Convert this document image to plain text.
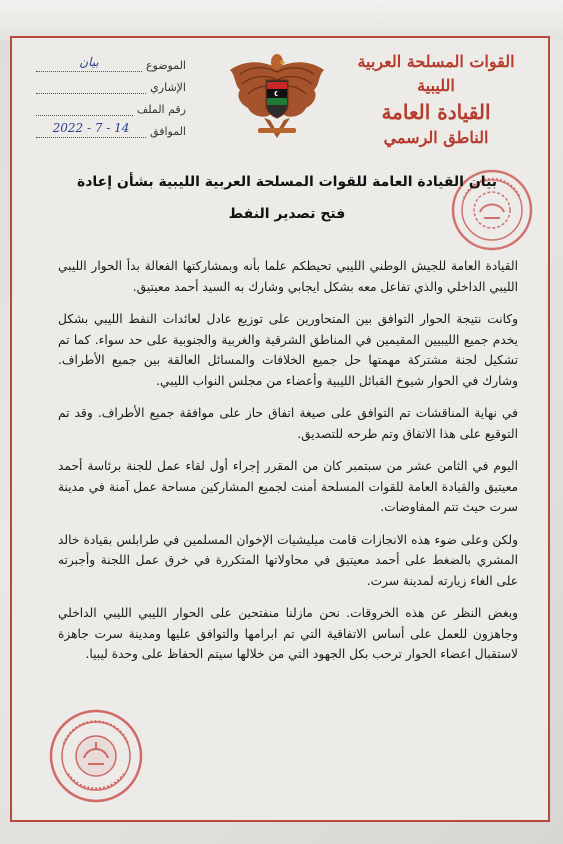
القوات المسلحة العربية الليبية
القيادة العامة
الناطق الرسمي
الموضوع
بيان
الإشاري
رقم الملف
الموافق
2022 - 7 - 14
بيان القيادة العامة للقوات المسلحة العربية الليبية بشأن إعادة
فتح تصدير النفط

القيادة العامة للجيش الوطني الليبي تحيطكم علما بأنه وبمشاركتها الفعالة بدأ الحوار الليبي الليبي الداخلي والذي تفاعل معه بشكل ايجابي وشارك به السيد أحمد معيتيق.

وكانت نتيجة الحوار التوافق بين المتحاورين على توزيع عادل لعائدات النفط الليبي بشكل يخدم جميع الليبيين المقيمين في المناطق الشرقية والغربية والجنوبية على حد سواء. كما تم تشكيل لجنة مشتركة مهمتها حل جميع الخلافات والمسائل العالقة بين جميع الأطراف. وشارك في الحوار شيوخ القبائل الليبية وأعضاء من مجلس النواب الليبي.

في نهاية المناقشات تم التوافق على صيغة اتفاق حاز على موافقة جميع الأطراف. وقد تم التوقيع على هذا الاتفاق وتم طرحه للتصديق.

اليوم في الثامن عشر من سبتمبر كان من المقرر إجراء أول لقاء عمل للجنة برئاسة أحمد معيتيق والقيادة العامة للقوات المسلحة أمنت لجميع المشاركين مساحة عمل آمنة في مدينة سرت حيث تتم المفاوضات.

ولكن وعلى ضوء هذه الانجازات قامت ميليشيات الإخوان المسلمين في طرابلس بقيادة خالد المشري بالضغط على أحمد معيتيق في محاولاتها المتكررة في خرق عمل اللجنة وأجبرته على الغاء زيارته لمدينة سرت.

وبغض النظر عن هذه الخروقات. نحن مازلنا منفتحين على الحوار الليبي الليبي الداخلي وجاهزون للعمل على أساس الاتفاقية التي تم ابرامها والتوافق عليها ومدينة سرت جاهزة لاستقبال اعضاء الحوار ترحب بكل الجهود التي من خلالها سيتم الحفاظ على وحدة ليبيا.
